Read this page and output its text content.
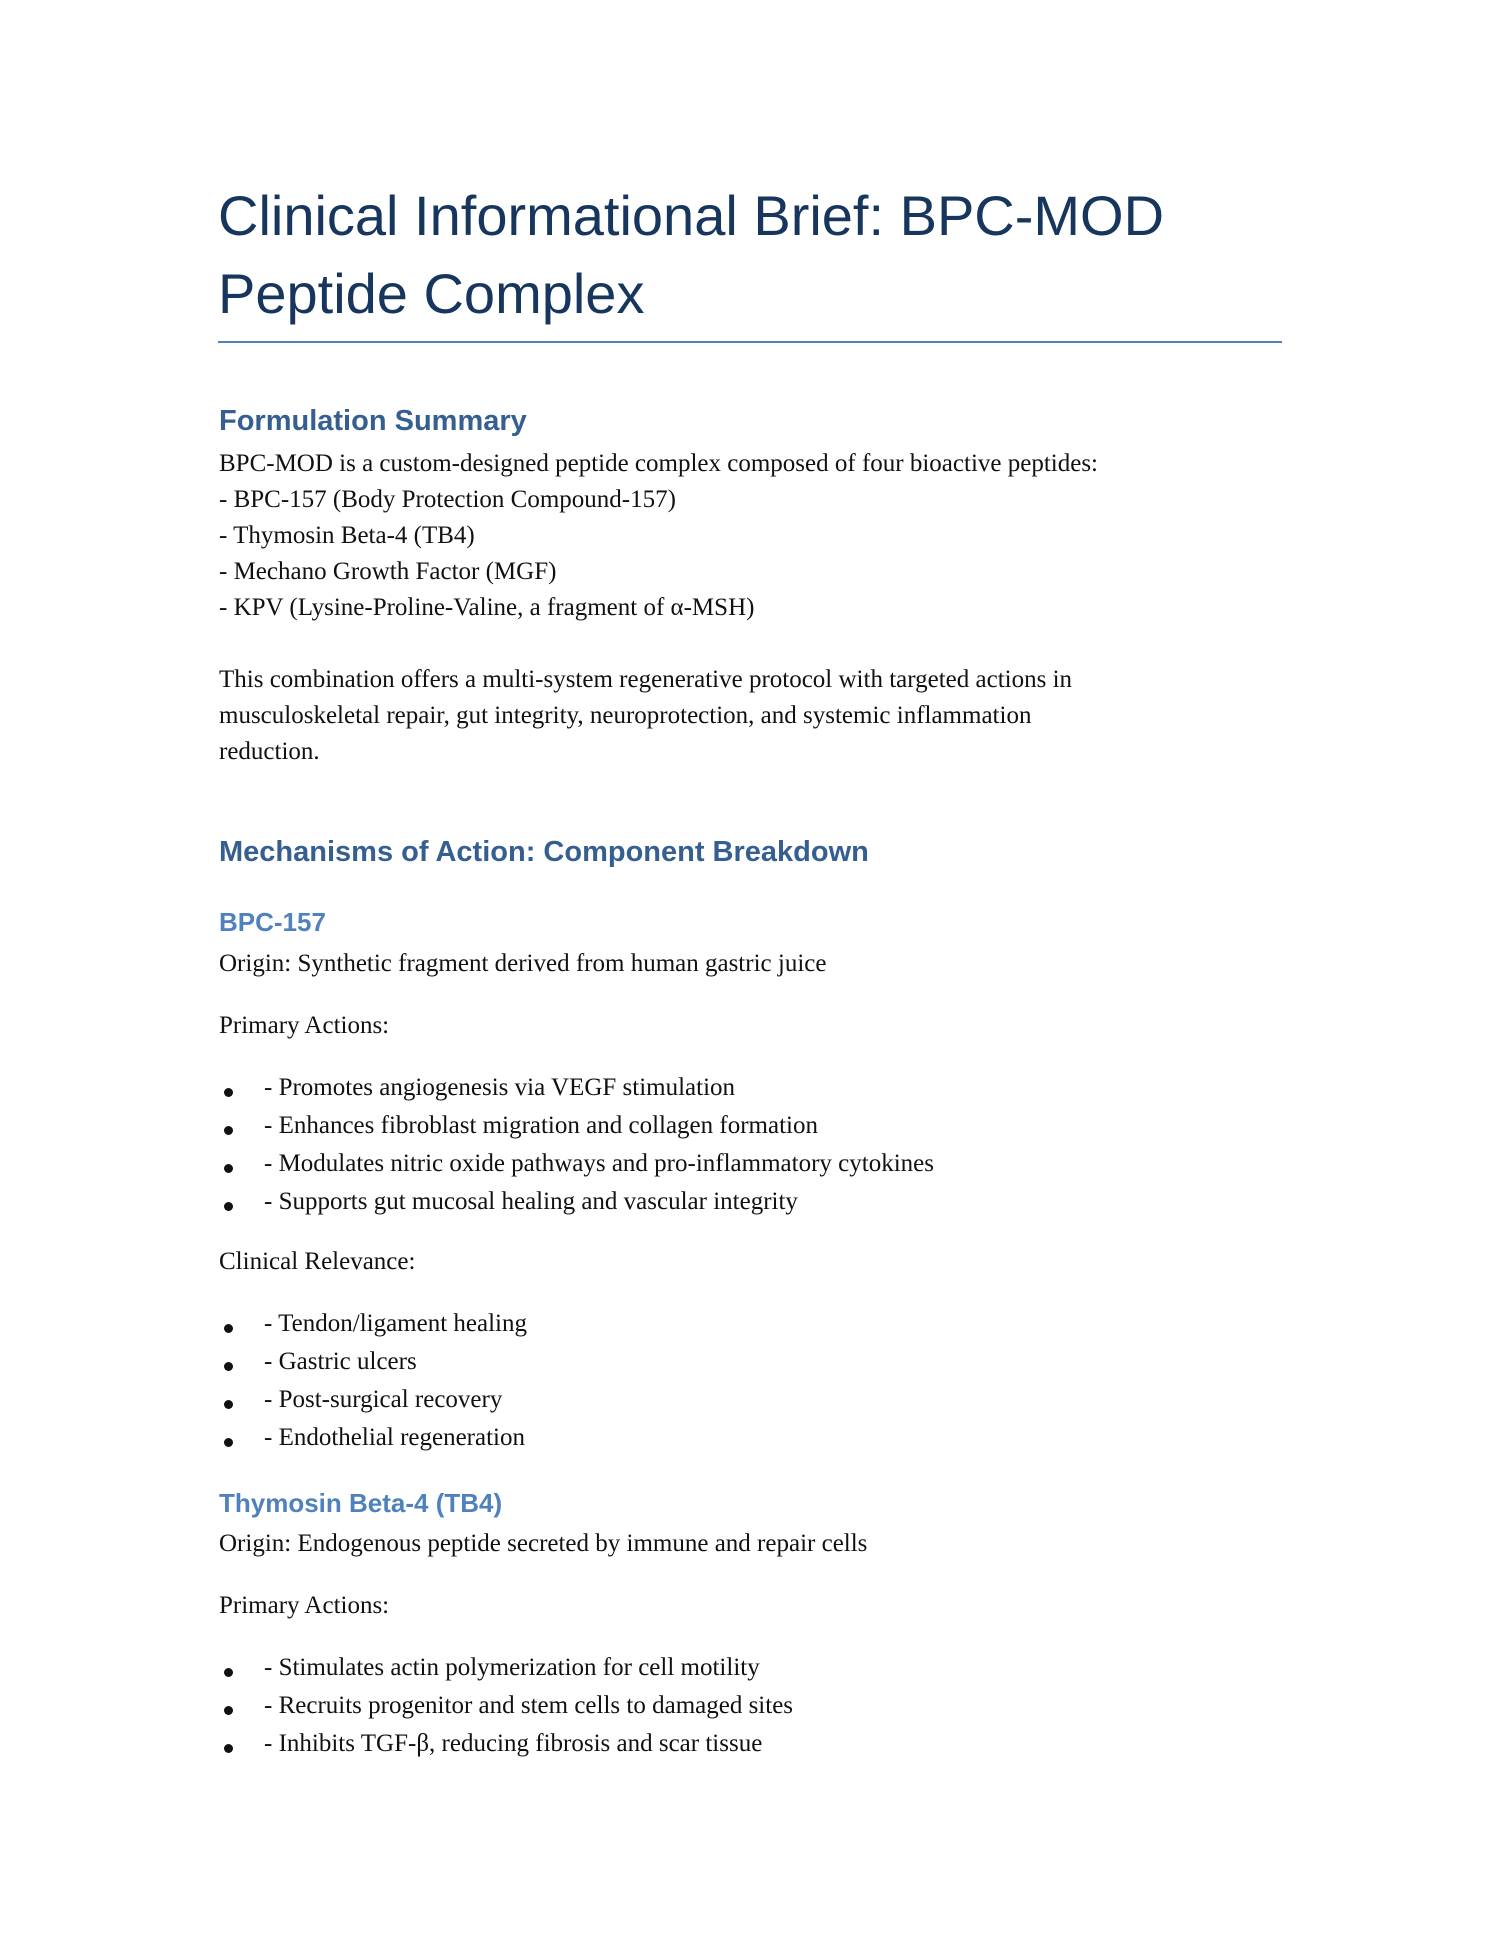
Clinical Informational Brief: BPC-MOD
Peptide Complex
Formulation Summary
BPC-MOD is a custom-designed peptide complex composed of four bioactive peptides:
- BPC-157 (Body Protection Compound-157)
- Thymosin Beta-4 (TB4)
- Mechano Growth Factor (MGF)
- KPV (Lysine-Proline-Valine, a fragment of α-MSH)
This combination offers a multi-system regenerative protocol with targeted actions in
musculoskeletal repair, gut integrity, neuroprotection, and systemic inflammation
reduction.
Mechanisms of Action: Component Breakdown
BPC-157
Origin: Synthetic fragment derived from human gastric juice
Primary Actions:
- Promotes angiogenesis via VEGF stimulation
- Enhances fibroblast migration and collagen formation
- Modulates nitric oxide pathways and pro-inflammatory cytokines
- Supports gut mucosal healing and vascular integrity
Clinical Relevance:
- Tendon/ligament healing
- Gastric ulcers
- Post-surgical recovery
- Endothelial regeneration
Thymosin Beta-4 (TB4)
Origin: Endogenous peptide secreted by immune and repair cells
Primary Actions:
- Stimulates actin polymerization for cell motility
- Recruits progenitor and stem cells to damaged sites
- Inhibits TGF-β, reducing fibrosis and scar tissue
